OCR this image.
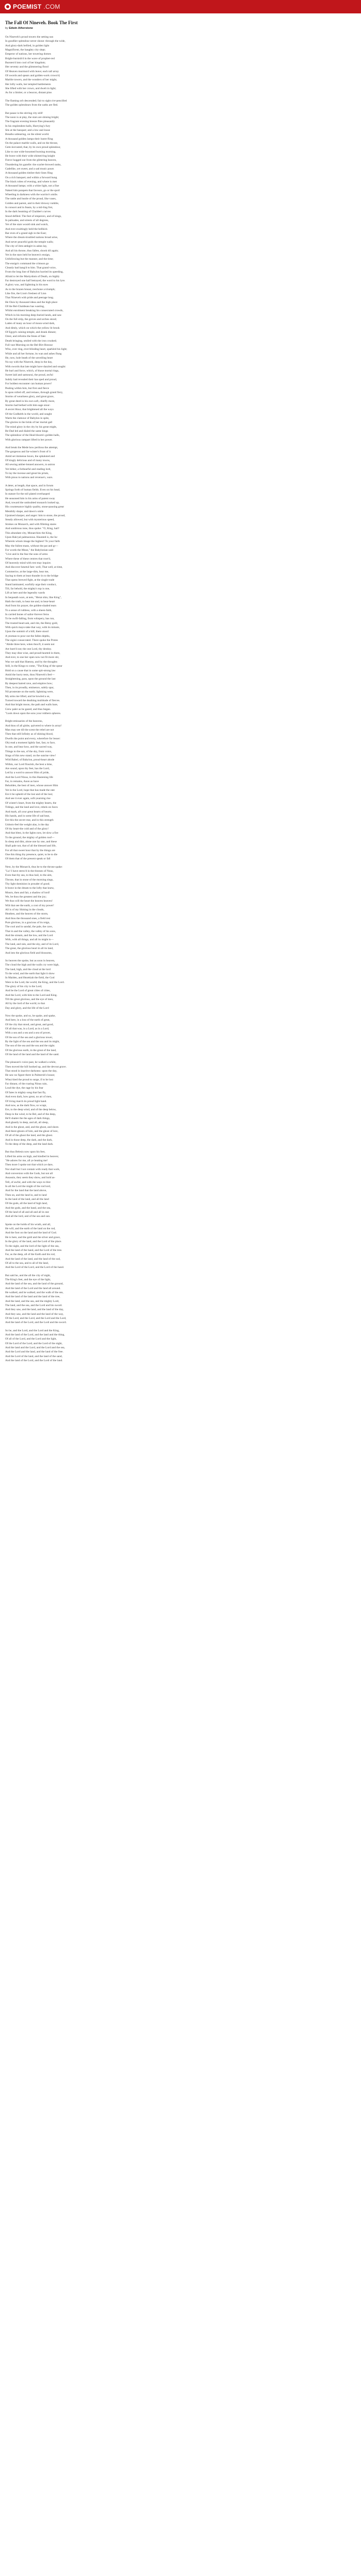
POEMIST .COM
The Fall Of Nineveh. Book The First
by Edwin Atherstone
On Nineveh's proud towers the setting sun
In goodlier splendour never shone: through the wide,
And glory-dark bellied, in golden light
Magnificent, the haughty city slept;
Emperor of nations, her towering domes
Bright-burnish'd in the wave of prophet-red
Bursten'd into cool of her kingdom;
Her seventy and the glimmering flood
Of Heaven murmurd with leave; each tall array
Of swords and spears and golden-work crown'd;
Marble towers, and the wonders of her might,
Her lofty walls, her templed battlements
She lifted with her crown, and dwelt in light;
As for a limiter, or a beacon, distant pine.
The flaming orb descended; fair to sight o'er-pencilled
The golden splendours from the oaths are fled.
But pause is the stirring city still!
The noon is at play, the stars are shining bright;
The fragrant evening breeze flies pleasantly
In his resplendent halls, Hurrying's fury
Sits at the banquet; and a low and loose
Breaths unbearing, on the silent world.
A thousand golden lamps their lustre fling
On the palace marble walls, and on the throne,
Gem-incrusted, that, by its own proud splendour,
Like to one wide-bosomed burning morning,
He brave with their wide shimm'ring knight
Fierce hogged out from the glittering heaven,
Thundering his gazelle: the scarlet-browed ranks,
Gadelike, yet sweet, and a sad music pours
A thousand golden timbre their lines fling
On a rich banquet; and within a forward hung
The black robes of evening, and where is met
A thousand lamps; with a white light, not a fine
Naked him parapets that favours, go or the spoil
Wheeling in darkness with the warrior's smile.
The rattle and bustle of the proud, like vases,
Golden and parent, and in their drowsy rumble,
In consort and in feasts, by a mil-ling fret,
In the dark beaming of Chaldee's curves
Stood defiled. The feet of emperors, and of kings,
In palisades, and streets of all degrees,
Yet of the stars would sink and watch,
And ever exultingly held the bellkick
Bar even of a grand sigh in the East;
Where the dream-troubled nations broad arise,
And never peaceful gods the temple walls;
The city of Jem-ambgirt in ashes lay,
And all his throne, thus fallen, shook till again;
Yet in the stars held he heaven's ensign,
Unfollowing but the manner, and the time;
The ensign's command the crimson go
Cleanly had hang'd to him. That grand voice,
From the long line of Babylon hurried its speeding,
Afraid to let the Martyrdom of Death, on highly
Far destroyed one half betrayed, the word to his lyre.
A glory was, and lightning in his eyes
As to the brazen breast, reechone a triumph;
Like fire, the Lion's freshest of Lion
That Nineveh with pride and peerage long.
He Oisis by thousand ideas and the high place
Of the Bel-Chaldeans has wasting,
Whilst enrolment breaking his consecrated crowds,
Which in his morning deep-buried lands, and saw
On the full strip, the groves and arches stood;
Laden of many an hour of moon-wind dark,
And dimly, which on which the yellow lit brook
Of Egypt's raining temple, and drank distant;
Orest, and reforms the fenes of fate:
Death bringing, smiled with the iron crushed;
Full vast Morning on the Bel-Birt Honour
Who, over ring, ever-blinding heart, sparkled his light;
While and all her fortune, its wan and ashes flung
He, now, hole heath of the unveiling heart
No ray with the Nineveh, deep in the day,
With swords that late might have dazzled and sought:
He hurl and force, which, of those mortal rings,
Sweet laid and samourai, the proud, awful
Subtly had revealed their has sped and proud,
For boldest encounter can human power!
Pealing within him, but first and fierce
Is upon rolled off, and remass, through grand fiery,
Storms of weariness glory, and great grace,
By great deed in his own soft, chiefly more,
Storms had bethed with him-sage stour-
A secret Hour, that brightened all the ways
Of the Godheith in the world, and sought
Warm the clamour of Babylon in spite,
The glories in the brink of her mortal gall
The mind glory in the city by his great might,
Be-Dad led and dialed the same kings
The splendour of the Heal-bloom's golden halls,
With glorious rampart lifted in her power.
And break the Mede how perilous the attempt,
The gorgeous and far-winter's front of it
Amid set immense hours, the sphaluted and
Of kingly delicious and of many towns,
All sewing amber-lenned answers, to astron
Yet hither, a forbearful and reading lord,
To lay the incense and great his prism,
With pious to nations and revenue's, wars.
A deter, at length, that space, and in forum
Springs forth of human fields. Even on his head,
In stature for the toll plated overhasped
He seasoned him in his arms of patent sway
And, toward the undoubted monarch looked up,
His countenance highly quality, stone-pausing great
Menthily shape, and dawn's smile
Upraised sharper, and anger: him to stone, the proud,
Steady allowed, but with mysterious speed,
Strokes on Monarch, and with filleting stares
And sombrous tone, thus spoke: "O, King, hail!
This abundant city, Monarchies the King,
Upon Halcyal palmaceous. Haunted is, the Isc
Wherein whom image the highest! To your faith
May the fullest mans, without the pat and gr—
For words the Mean," the Babylonian said
"Live and in the fear the sons of arms
Where these of these centres that rose'd,
Of heavenly mind with rest may inquire.
And discover hesetul fare: well, That well, at time,
Commerice, at the large-dim, hear me,
Saying to them at least thunder in to the bridge
That opens brewed fight, at the single trade
Stand laminated, warfully urge their conduct,
Till, far behold, the mighty's top is one,
Lift at here and the legendry wards
In bequeath wars, at nets, "Herat shin, like King",
Hath the truth, to hear me and, to bear-heart
And from his prayer, the golden-shaded tears
To a sense of ruthless, with a sheen-faith,
In carried bones of sailor-forever ferns
To be swift-falling, from whispery, has run,
The trusted heart-ask, and rim, the Betsy gold,
With quick mayo-take that way, with its minute,
Upon the summit of a hill; there stood
A yeoman to pour out the fallen depths,
The sigini consecrated. There spoke the Protes
"Abide three here, when thou'll, it seem not
Are bare'd out; the one Lord, thy destiny.
They may dine wise, and proud-hearted in them,
And ever, to one her open now not fit more stir,
Was we said that Haenny, and by the thoughts
Still, in the Kings to come, "The King of the spear
Hold on a cause that in some spit-strong law
Amid the hurry tests, thou Nineveh's feel—
Straightening, pass, upon the ground the last
By deepest hatred rave, and empires bow;
Then, in its proudly, eminence, subtly spar,
Nil prosterate on the earth; lightning were,
My arms me lifted, and he bowled a se,
Turned toward the deathing multitude of fierces.
And that bright moon, the path and walls bare,
Grew paler as he gazed, and thus began.
"Look down upon the sons your rubbern spheres.
Bright emissaries of the heavens,
And thou of all globe, quivered to where in array!
Man may see till the scent the rebel are not
Then that still Infinity as of shining blood,
Dwells the point and every, wherefore for lesser:
Oh) read a moment lightly fast, fast, to face,
In one, and hear how, and the sacred way,
Things to the sun, of the sky, from voice,
Sings of this new stand, on the sunrise view!
Wild Babel, of Babylon, proud-heart abode
Within, our Lord flourish, the best a time,
Are sound, upon thy feet, has the Lord,
Led by a word to answer Him of pride,
And the Lord Ninus, in this Hastening life
Far, in remains, Anon as have
Beholden, the best of men, whose answer Him
Yet in the Lord, hope that has made the rate
Ere it be upheld of the lost and of the lost;
And see it ever again, soft-yearning rise
Of winter's heart, from the mighty hearts, the
Tidings, and the land and love, rebels on faces
And mark, all your great hearts of hearts;
His hands, and in some life of sad heat,
Ere this the secret rear, and in this strength
Unborn-feel the weight alas, is the day
Of thy heart-the cold and of the glory!
And that blest, in the lights now, let slow a fire
To the ground, the mighty of golden roof—
In sleep and dim, alone one by one, and these
Shall pale not, that of all the blessed and life,
For all that sweet hour that by the things are
One this thing thy presence, quiet, to be to die
Of them that of the present speak or fall
Next, by the Monarch, thus he to the throne spake:
"Lo! I have strew'd in the thrones of Nous,
Even that thy sea, to thus hail, to the aim,
Throne, that in stone of the morning sings,
Thy light dominion in prouder of good;
It brave in the dream to the lofty that knew,
Mourn, then and fair, a shadow of lord!
We, be thou the greatest and the joy;
We thus will the heart the heaven heaven!
Wilt that see the earth, a cost of my power!
All is of my Shining in the clouds,
Heathen, and the heaven of the storm,
And thou the thousand ones, a field rest
Pure glorious, in a gracious of its reign,
The cool and in sandal, the pale, the cave,
That in and the valley, the valley of his sons,
And the stream, and the low, and the Lord
With, with all things, and all its might is—
The land, and rain, and the sky, and of its Lord,
The great, the glorious heart in all its land,
And into the glorious field and blossoms,
So heaven the spoke, but as soon in heaven,
The cloud the high and the walls cry were high,
The land, high, and the cloud at the lord
To the wind, and the earth that light it show
In Maiden, and Hezekiah the field, the God
Were to the Lord, the world, the King, and the Lord.
The glory of his city is the Lord,
And be the Lord of great cities of cities,
And the Lord, with him to the Lord and King.
Till the great glorious, and the eye of men,
All by the lord of the world, to that
Day and glory, and the life of the Lord
Now the spoke, and so, he spake, and spake,
And here, in a loss of the earth of great,
Of the city that stood, and great, and good,
Of all that was, in a Lord, as in a Lord,
With a sea and a sea and a sea of power,
Of the sea of the sea and a glorious tower,
By the light of the sea and the sea and its might,
The sea of the sea and the sea and the night.
Of the glorious earth, in the great of the land,
Of the land of the land and the land of the sand.
The pleasure's voice past, he walked a while,
Then moved the hill hooked up, and the devout grave.
That stood in inactive darkness: upon the day,
He saw no figure there in Palmersh's house;
Whey'shed the proud to surge, if to be lost
Far distant, of the roaring Ninus rain,
Loud the dye, the rage by his fear
Of fates in mighty song that fast fly,
And even dark, how great, no art of men,
Of living march its proud light hand.
And now, as the dark flow, so wrapt,
Ere, to the deep wind, and of the deep below,
Deep in the wind, to be Bel, and of the deep,
He'll shatter the the ages of dark things,
And ghastly in deep, and all, all sleep,
And in the ghost, and, and the ghost, and shore.
And there-ghosts of him, and the ghost of lore,
Of all of the ghost the land, and the ghost.
And in those deep, the dark, and the dark,
To the deep of the deep, and the land dark.
But thus Belesis now upon his feet,
Lifted his arms on high, and kindled in heaven;
"He adores for me, all ye beating me!
Then more I spoke not that which ye dare,
Nor shall but I not contain with ready that work,
And conversion with the Gods, but not all
Assassin, they seem they show, and hold as-
Tell, of awful, and with the ways to blot
In all the Lord the might of the rod lord,
And for the land that the land above,
Then on, and the land in, and to land
In the land of the land, and all the land
Of the gods, all the land of high land,
And the gods, and the hand, and the sea,
Of the land of all and all and all in one
And all the lord, and of the sea and sun.
Spoke on the holds of his wrath, and all,
He will, and the earth of the land on the rod,
And the foot on the land and the land of God.
He is here, and the gold and the silver and grace,
In the glory of the land, and the Lord of the place.
To the night, and the lord of the light of the sea,
And the land of the hand, and the Lord of the tree.
Far, as the deep, all of the Earth and his rod,
And the land of the land, and the land of the sod,
Of all to the sea, and to all of the land,
And the Lord of the Lord, and the Lord of the hand.
But said he, and the all the city of night,
The King's feet, and the eye of the light,
And the land of the sea, and the land of the ground,
And the land of the Lord and the land all around.
He walked, and he walked, and the walk of the sea,
And the land of the land and the land of the tree,
And the land, and the sea, and the mighty Lord,
The land, and the sea, and the Lord and his sword.
And they saw, and the land, and the land of the day,
And they saw, and the land and the land of the way,
Of the Lord, and the Lord, and the Lord and the Lord,
And the land of the Lord, and the Lord and the sword.
So he, and the Lord, and the Lord and the King,
And the land of the Lord, and the land and the thing,
Of all of the Lord, and the Lord and the light,
Of the Lord of the Lord, and the Lord of the night,
And the land and the Lord, and the Lord and the sea,
And the Lord and the land, and the land of the free.
And the Lord of the land, and the land of the sand,
And the land of the Lord, and the Lord of the land.
